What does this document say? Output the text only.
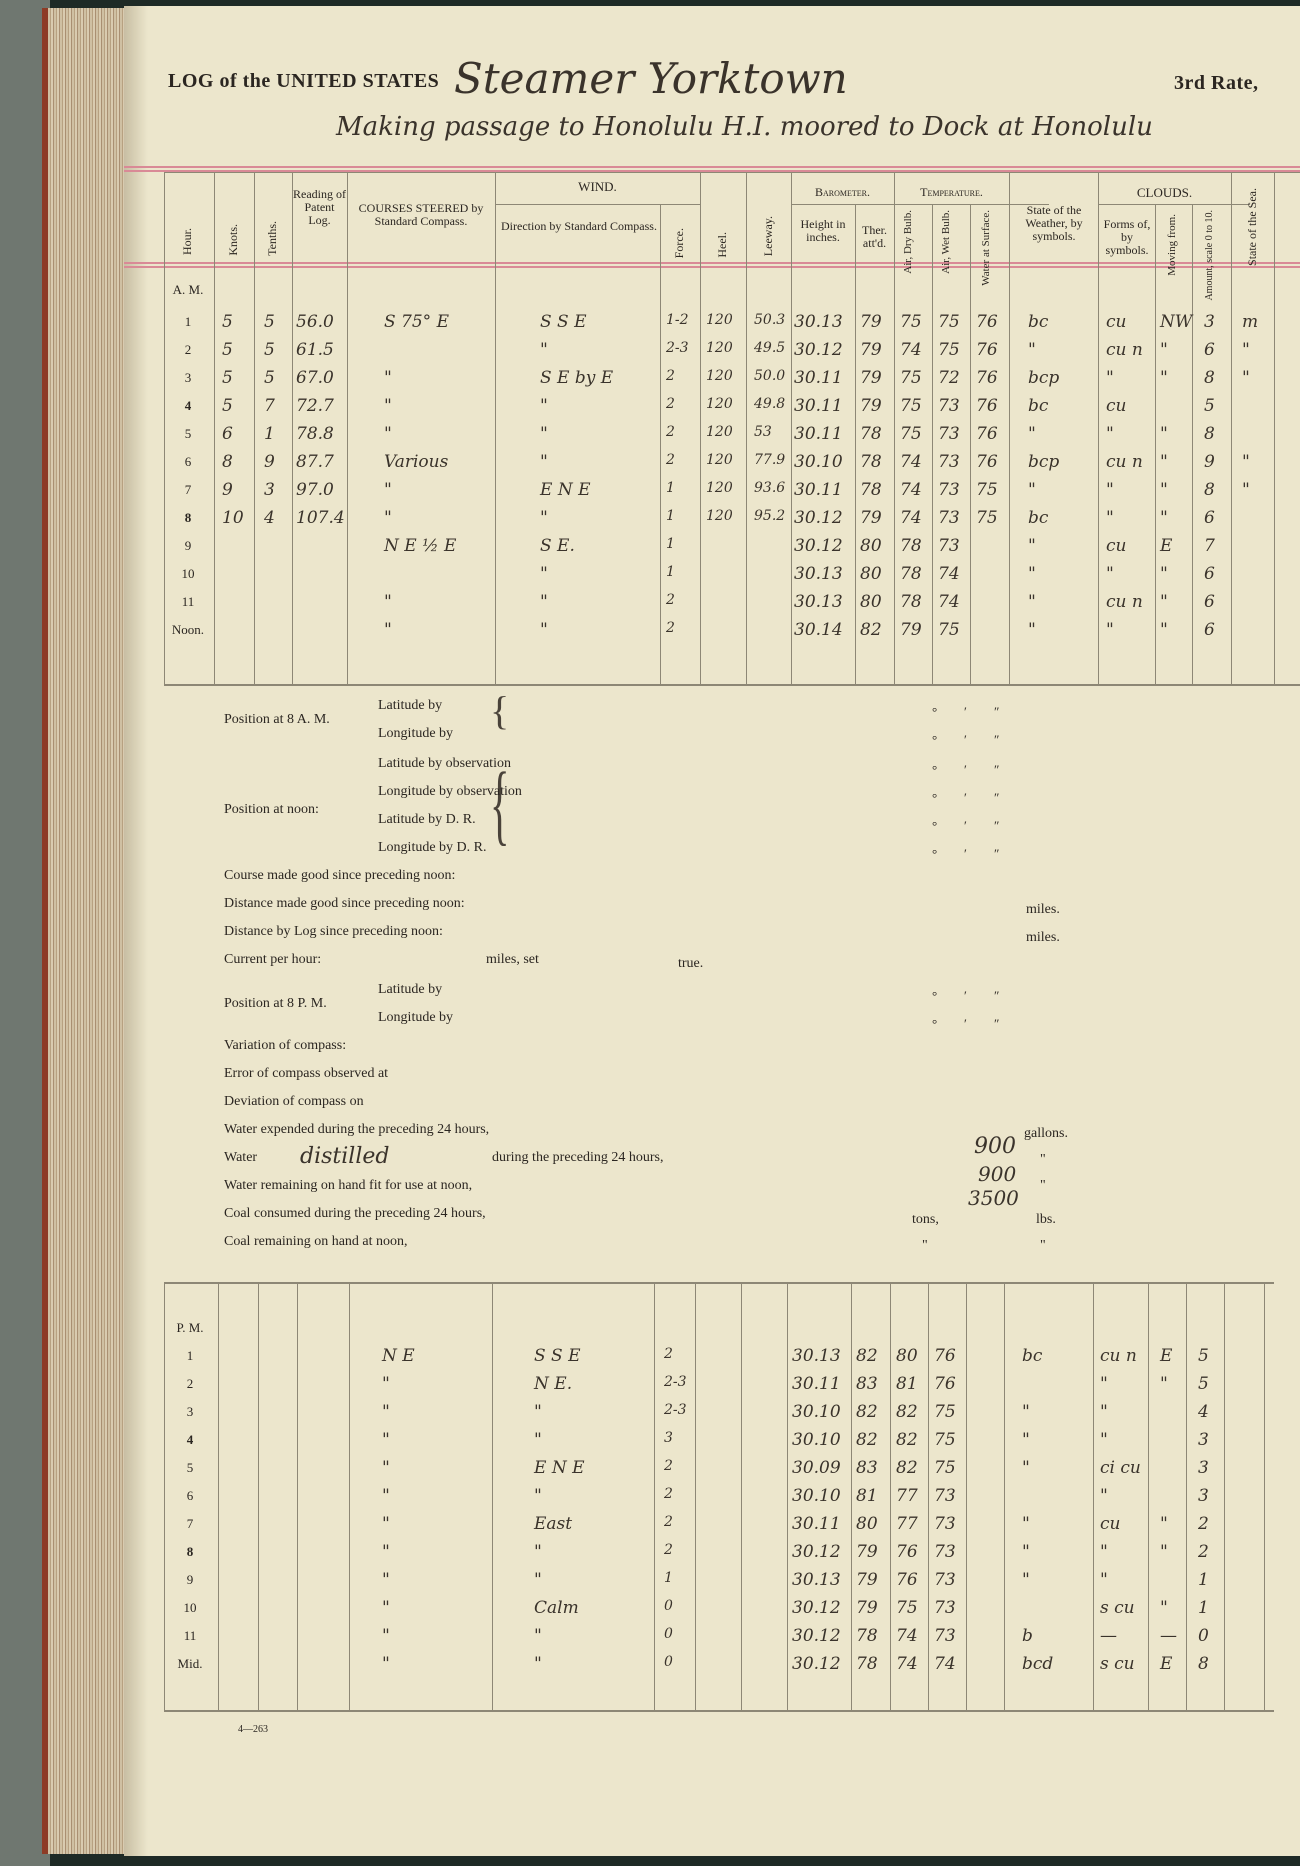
LOG of the UNITED STATES Steamer Yorktown	3rd Rate,
Making passage to Honolulu H.I. moored to Dock at Honolulu
Hour.	Knots. Tenths.
Reading of Patent Log.
COURSES STEERED by Standard Compass.
WIND.
Direction by Standard Compass.
Force. Heel.	Leeway.
Barometer.
Height in inches.	Ther. att'd.
Temperature.
Air, Dry Bulb. Air, Wet Bulb.	Water at Surface.	State of the Weather, by symbols.
CLOUDS.
Forms of, by symbols.	Moving from.	Amount, scale 0 to 10.	State of the Sea.
A. M.
{
Position at 8 A. M.
Latitude by
Longitude by
{
Position at noon:
Latitude by observation
Longitude by observation
Latitude by D. R.
Longitude by D. R.
Course made good since preceding noon:
Distance made good since preceding noon:	miles.
Distance by Log since preceding noon:	miles.
Current per hour:	miles, set	true.
Position at 8 P. M.
Latitude by
Longitude by
Variation of compass:
Error of compass observed at
Deviation of compass on
Water expended during the preceding 24 hours,
Water distilled	during the preceding 24 hours,
Water remaining on hand fit for use at noon,
Coal consumed during the preceding 24 hours,
Coal remaining on hand at noon,
900
gallons.
900
"
3500
"
tons,	lbs.
"	"
P. M.
4—263
1	5 5 56.0	S 75° E	S S E	1-2 120 50.3 30.13 79 75 75 76 bc	cu NW 3 m
2	5 5 61.5	"	2-3 120 49.5 30.12 79 74 75 76 "	cu n " 6 "
3	5 5 67.0	"	S E by E	2 120 50.0 30.11 79 75 72 76 bcp	"	" 8 "
4	5 7 72.7	"	"	2 120 49.8 30.11 79 75 73 76 bc	cu	5
5	6 1 78.8	"	"	2 120 53 30.11 78 75 73 76 "	"	" 8
6	8 9 87.7	Various	"	2 120 77.9 30.10 78 74 73 76 bcp	cu n " 9 "
7	9 3 97.0	"	E N E	1 120 93.6 30.11 78 74 73 75 "	"	" 8 "
8	10 4 107.4 "	"	1 120 95.2 30.12 79 74 73 75 bc	"	" 6
9	N E ½ E	S E.	1	30.12 80 78 73	"	cu E 7
10	"	1	30.13 80 78 74	"	"	" 6
11	"	"	2	30.13 80 78 74	"	cu n " 6
Noon.	"	"	2	30.14 82 79 75	"	"	" 6
1	N E	S S E	2	30.13 82 80 76	bc	cu n E 5
2	"	N E.	2-3	30.11 83 81 76	"	" 5
3	"	"	2-3	30.10 82 82 75	"	"	4
4	"	"	3	30.10 82 82 75	"	"	3
5	"	E N E	2	30.09 83 82 75	"	ci cu	3
6	"	"	2	30.10 81 77 73	"	3
7	"	East	2	30.11 80 77 73	"	cu " 2
8	"	"	2	30.12 79 76 73	"	"	" 2
9	"	"	1	30.13 79 76 73	"	"	1
10	"	Calm	0	30.12 79 75 73	s cu " 1
11	"	"	0	30.12 78 74 73	b	—	— 0
Mid.	"	"	0	30.12 78 74 74	bcd	s cu E 8
° ′ ″
° ′ ″
° ′ ″
° ′ ″
° ′ ″
° ′ ″
° ′ ″
° ′ ″
